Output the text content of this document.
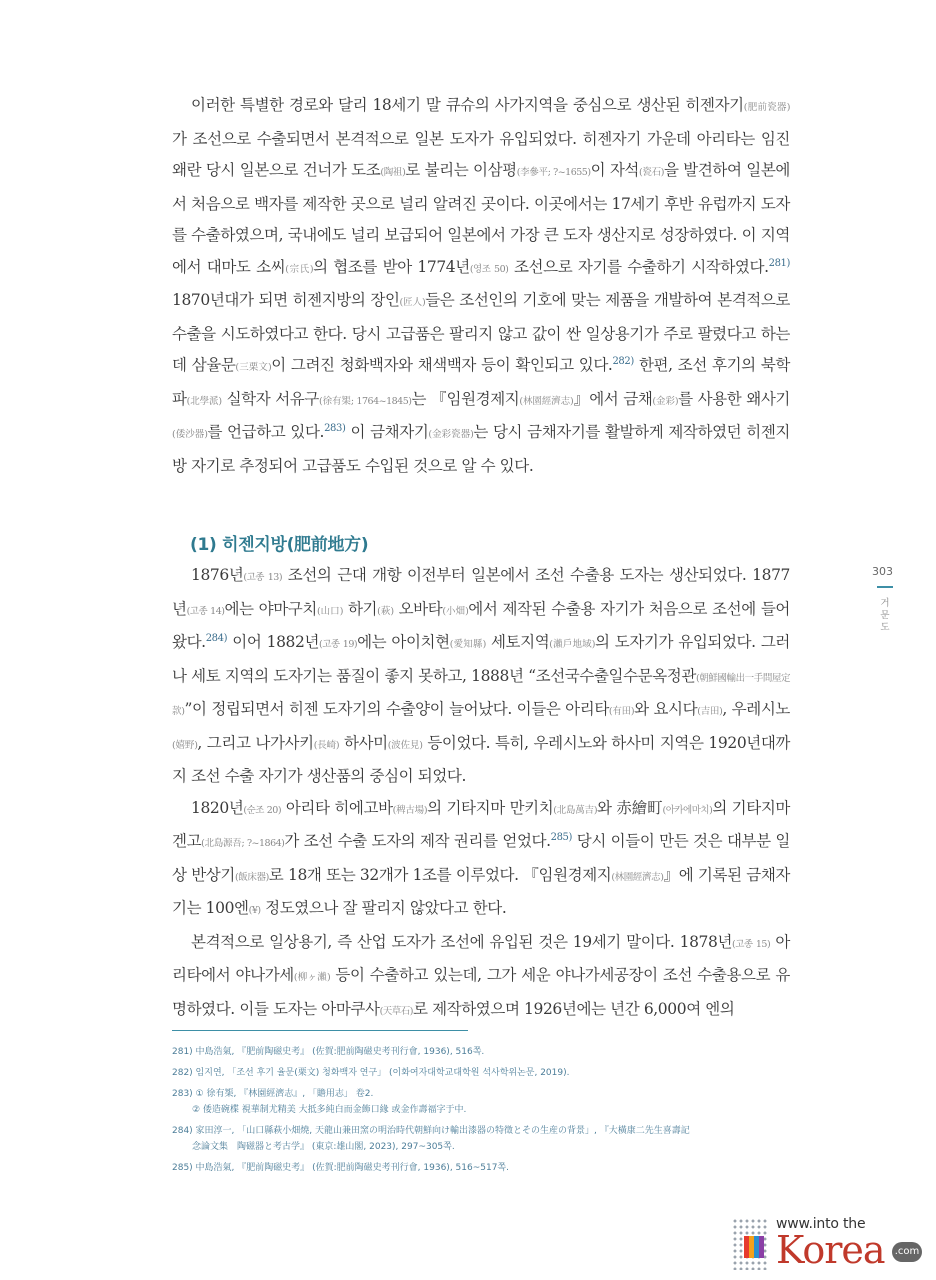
이러한 특별한 경로와 달리 18세기 말 큐슈의 사가지역을 중심으로 생산된 히젠자기(肥前瓷器)가 조선으로 수출되면서 본격적으로 일본 도자가 유입되었다. 히젠자기 가운데 아리타는 임진왜란 당시 일본으로 건너가 도조(陶祖)로 불리는 이삼평(李參平; ?~1655)이 자석(瓷石)을 발견하여 일본에서 처음으로 백자를 제작한 곳으로 널리 알려진 곳이다. 이곳에서는 17세기 후반 유럽까지 도자를 수출하였으며, 국내에도 널리 보급되어 일본에서 가장 큰 도자 생산지로 성장하였다. 이 지역에서 대마도 소씨(宗氏)의 협조를 받아 1774년(영조 50) 조선으로 자기를 수출하기 시작하였다.$^{281)}$ 1870년대가 되면 히젠지방의 장인(匠人)들은 조선인의 기호에 맞는 제품을 개발하여 본격적으로 수출을 시도하였다고 한다. 당시 고급품은 팔리지 않고 값이 싼 일상용기가 주로 팔렸다고 하는데 삼율문(三栗文)이 그려진 청화백자와 채색백자 등이 확인되고 있다.$^{282)}$ 한편, 조선 후기의 북학파(北學派) 실학자 서유구(徐有榘; 1764~1845)는 『임원경제지(林園經濟志)』에서 금채(金彩)를 사용한 왜사기(倭沙器)를 언급하고 있다.$^{283)}$ 이 금채자기(金彩瓷器)는 당시 금채자기를 활발하게 제작하였던 히젠지방 자기로 추정되어 고급품도 수입된 것으로 알 수 있다.

(1) 히젠지방(肥前地方)

1876년(고종 13) 조선의 근대 개항 이전부터 일본에서 조선 수출용 도자는 생산되었다. 1877년(고종 14)에는 야마구치(山口) 하기(萩) 오바타(小畑)에서 제작된 수출용 자기가 처음으로 조선에 들어왔다.$^{284)}$ 이어 1882년(고종 19)에는 아이치현(愛知縣) 세토지역(瀨戶地域)의 도자기가 유입되었다. 그러나 세토 지역의 도자기는 품질이 좋지 못하고, 1888년 “조선국수출일수문옥정관(朝鮮國輸出一手問屋定款)”이 정립되면서 히젠 도자기의 수출양이 늘어났다. 이들은 아리타(有田)와 요시다(吉田), 우레시노(嬉野), 그리고 나가사키(長崎) 하사미(波佐見) 등이었다. 특히, 우레시노와 하사미 지역은 1920년대까지 조선 수출 자기가 생산품의 중심이 되었다.

1820년(순조 20) 아리타 히에고바(稗古場)의 기타지마 만키치(北島萬吉)와 赤繪町(아카에마치)의 기타지마 겐고(北島源吾; ?~1864)가 조선 수출 도자의 제작 권리를 얻었다.$^{285)}$ 당시 이들이 만든 것은 대부분 일상 반상기(飯床器)로 18개 또는 32개가 1조를 이루었다. 『임원경제지(林園經濟志)』에 기록된 금채자기는 100엔(¥) 정도였으나 잘 팔리지 않았다고 한다.

본격적으로 일상용기, 즉 산업 도자가 조선에 유입된 것은 19세기 말이다. 1878년(고종 15) 아리타에서 야나가세(柳ヶ瀨) 등이 수출하고 있는데, 그가 세운 야나가세공장이 조선 수출용으로 유명하였다. 이들 도자는 아마쿠사(天草石)로 제작하였으며 1926년에는 년간 6,000여 엔의

303
거문도

281) 中島浩氣, 『肥前陶磁史考』 (佐賀:肥前陶磁史考刊行會, 1936), 516쪽.

282) 임지연, 「조선 후기 율문(栗文) 청화백자 연구」 (이화여자대학교대학원 석사학위논문, 2019).

283) ① 徐有榘, 『林園經濟志』, 「贍用志」 卷2.

② 倭造碗楪 視華制尤精美 大抵多純白而金飾口緣 或金作壽福字于中.

284) 家田淳一, 「山口縣萩小畑燒, 天龍山兼田窯の明治時代朝鮮向け輸出漆器の特徵とその生産の背景」, 『大橫康二先生喜壽記

念論文集　陶磁器と考古学』 (東京:雄山閣, 2023), 297~305쪽.

285) 中島浩氣, 『肥前陶磁史考』 (佐賀:肥前陶磁史考刊行會, 1936), 516~517쪽.

www.into the
Korea .com
